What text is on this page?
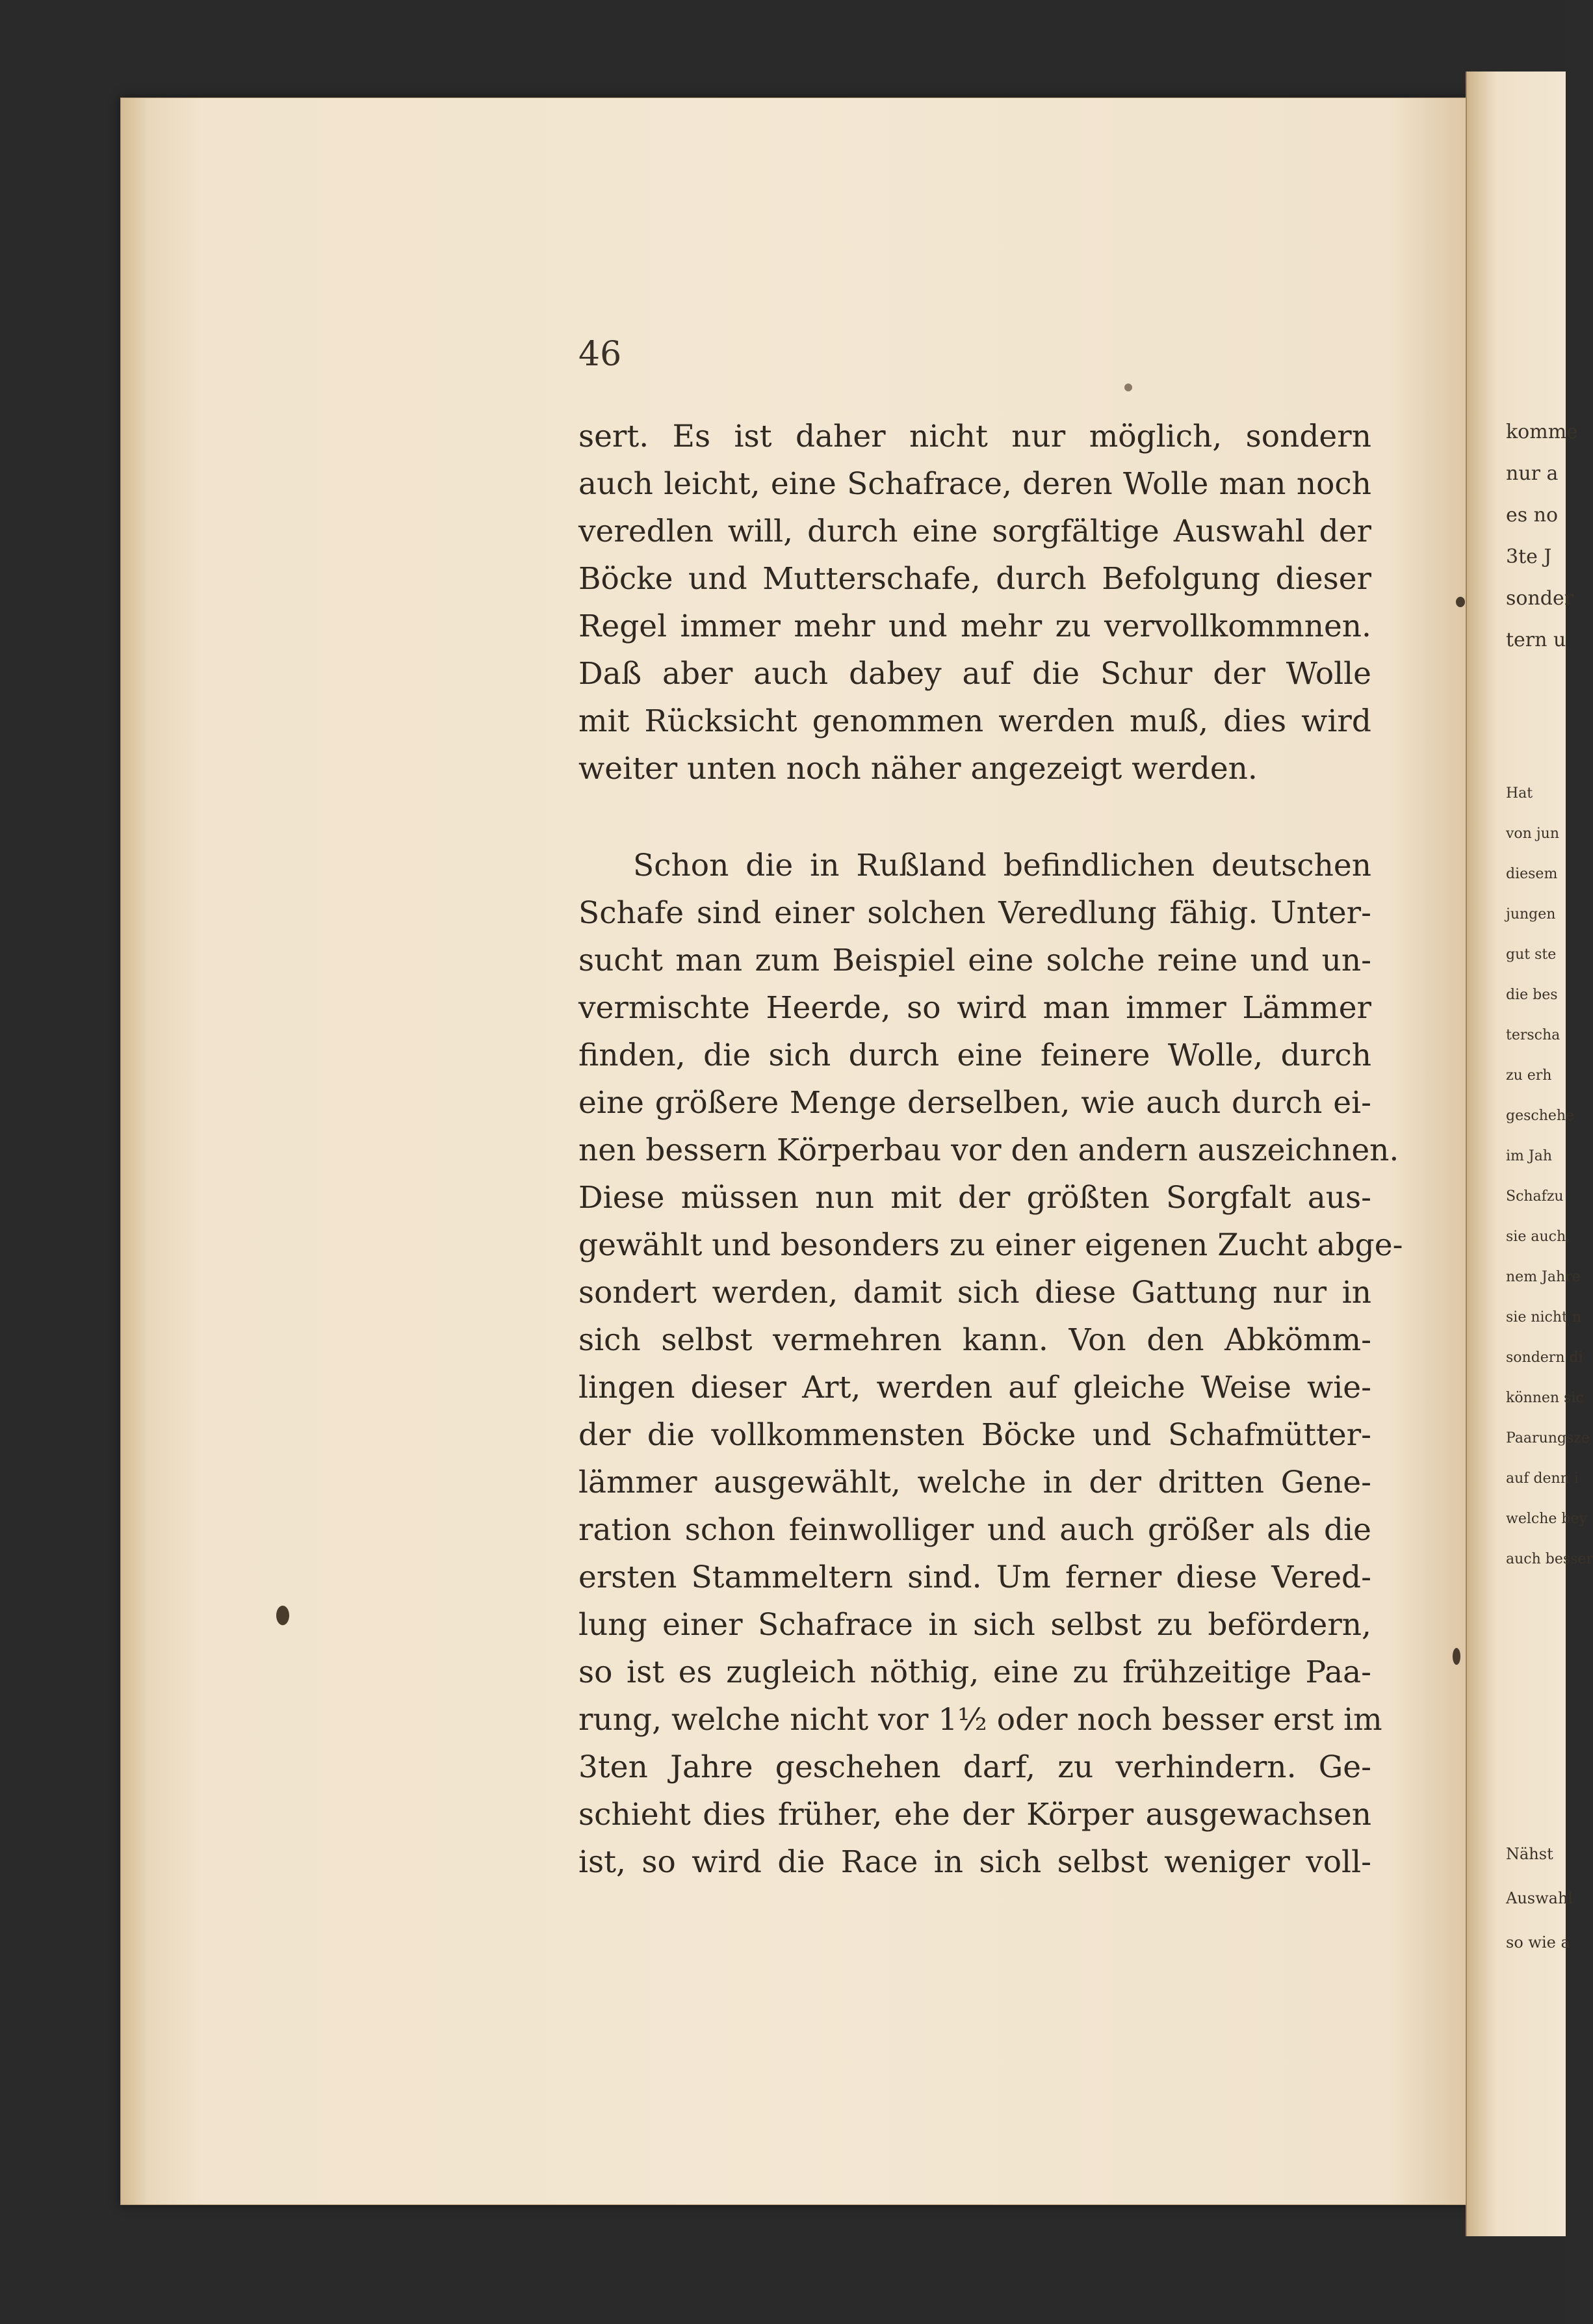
komme
nur a
es no
3te J
sonder
tern u
Hat
von jun
diesem
jungen
gut ste
die bes
terscha
zu erh
geschehe
im Jah
Schafzu
sie auch,
nem Jahre
sie nicht n
sondern di
können sic
Paarungsze
auf denn i
welche bey
auch besser
Nähst
Auswahl
so wie a

46

sert. Es ist daher nicht nur möglich, sondern
auch leicht, eine Schafrace, deren Wolle man noch
veredlen will, durch eine sorgfältige Auswahl der
Böcke und Mutterschafe, durch Befolgung dieser
Regel immer mehr und mehr zu vervollkommnen.
Daß aber auch dabey auf die Schur der Wolle
mit Rücksicht genommen werden muß, dies wird
weiter unten noch näher angezeigt werden.
Schon die in Rußland befindlichen deutschen
Schafe sind einer solchen Veredlung fähig. Unter-
sucht man zum Beispiel eine solche reine und un-
vermischte Heerde, so wird man immer Lämmer
finden, die sich durch eine feinere Wolle, durch
eine größere Menge derselben, wie auch durch ei-
nen bessern Körperbau vor den andern auszeichnen.
Diese müssen nun mit der größten Sorgfalt aus-
gewählt und besonders zu einer eigenen Zucht abge-
sondert werden, damit sich diese Gattung nur in
sich selbst vermehren kann. Von den Abkömm-
lingen dieser Art, werden auf gleiche Weise wie-
der die vollkommensten Böcke und Schafmütter-
lämmer ausgewählt, welche in der dritten Gene-
ration schon feinwolliger und auch größer als die
ersten Stammeltern sind. Um ferner diese Vered-
lung einer Schafrace in sich selbst zu befördern,
so ist es zugleich nöthig, eine zu frühzeitige Paa-
rung, welche nicht vor 1½ oder noch besser erst im
3ten Jahre geschehen darf, zu verhindern. Ge-
schieht dies früher, ehe der Körper ausgewachsen
ist, so wird die Race in sich selbst weniger voll-
